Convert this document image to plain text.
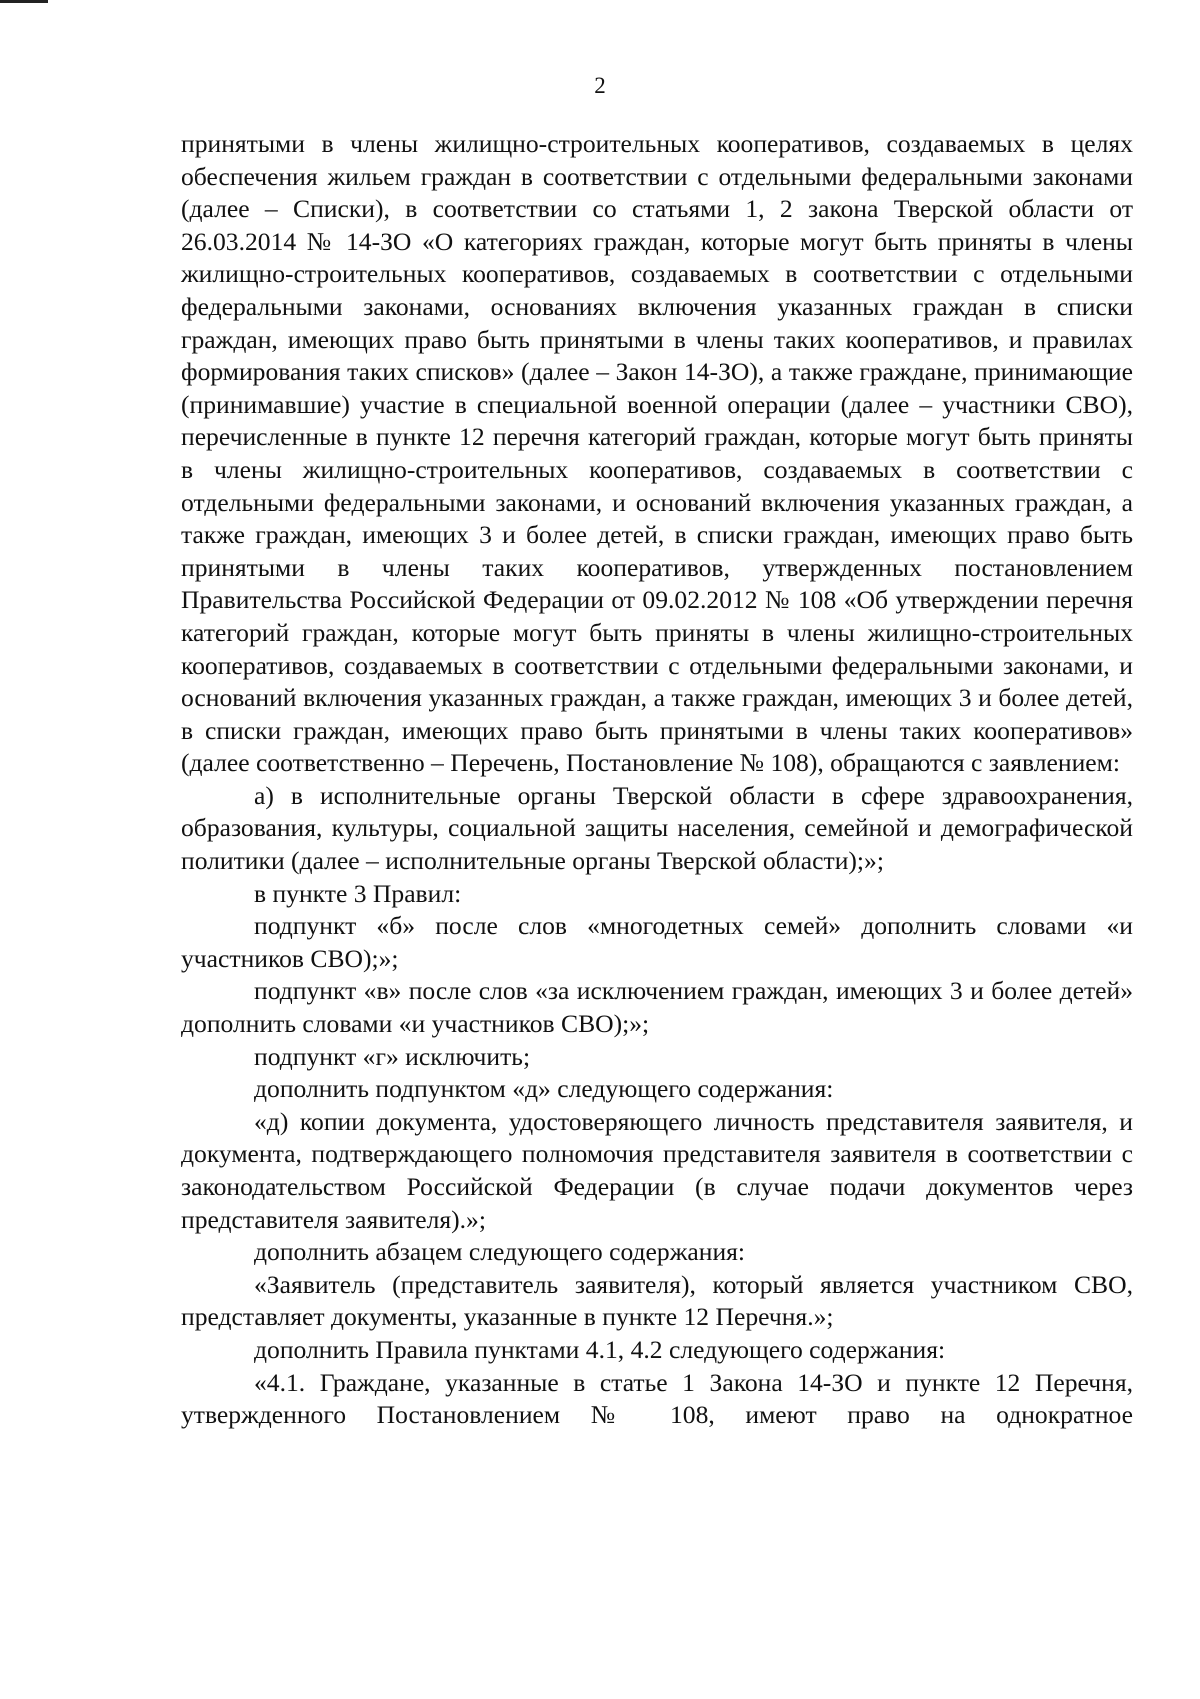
2

принятыми в члены жилищно-строительных кооперативов, создаваемых в целях обеспечения жильем граждан в соответствии с отдельными федеральными законами (далее – Списки), в соответствии со статьями 1, 2 закона Тверской области от 26.03.2014 № 14-ЗО «О категориях граждан, которые могут быть приняты в члены жилищно-строительных кооперативов, создаваемых в соответствии с отдельными федеральными законами, основаниях включения указанных граждан в списки граждан, имеющих право быть принятыми в члены таких кооперативов, и правилах формирования таких списков» (далее – Закон 14-ЗО), а также граждане, принимающие (принимавшие) участие в специальной военной операции (далее – участники СВО), перечисленные в пункте 12 перечня категорий граждан, которые могут быть приняты в члены жилищно-строительных кооперативов, создаваемых в соответствии с отдельными федеральными законами, и оснований включения указанных граждан, а также граждан, имеющих 3 и более детей, в списки граждан, имеющих право быть принятыми в члены таких кооперативов, утвержденных постановлением Правительства Российской Федерации от 09.02.2012 № 108 «Об утверждении перечня категорий граждан, которые могут быть приняты в члены жилищно-строительных кооперативов, создаваемых в соответствии с отдельными федеральными законами, и оснований включения указанных граждан, а также граждан, имеющих 3 и более детей, в списки граждан, имеющих право быть принятыми в члены таких кооперативов» (далее соответственно – Перечень, Постановление № 108), обращаются с заявлением:

а) в исполнительные органы Тверской области в сфере здравоохранения, образования, культуры, социальной защиты населения, семейной и демографической политики (далее – исполнительные органы Тверской области);»;

в пункте 3 Правил:

подпункт «б» после слов «многодетных семей» дополнить словами «и участников СВО);»;

подпункт «в» после слов «за исключением граждан, имеющих 3 и более детей» дополнить словами «и участников СВО);»;

подпункт «г» исключить;

дополнить подпунктом «д» следующего содержания:

«д) копии документа, удостоверяющего личность представителя заявителя, и документа, подтверждающего полномочия представителя заявителя в соответствии с законодательством Российской Федерации (в случае подачи документов через представителя заявителя).»;

дополнить абзацем следующего содержания:

«Заявитель (представитель заявителя), который является участником СВО, представляет документы, указанные в пункте 12 Перечня.»;

дополнить Правила пунктами 4.1, 4.2 следующего содержания:

«4.1. Граждане, указанные в статье 1 Закона 14-ЗО и пункте 12 Перечня, утвержденного Постановлением № 108, имеют право на однократное
